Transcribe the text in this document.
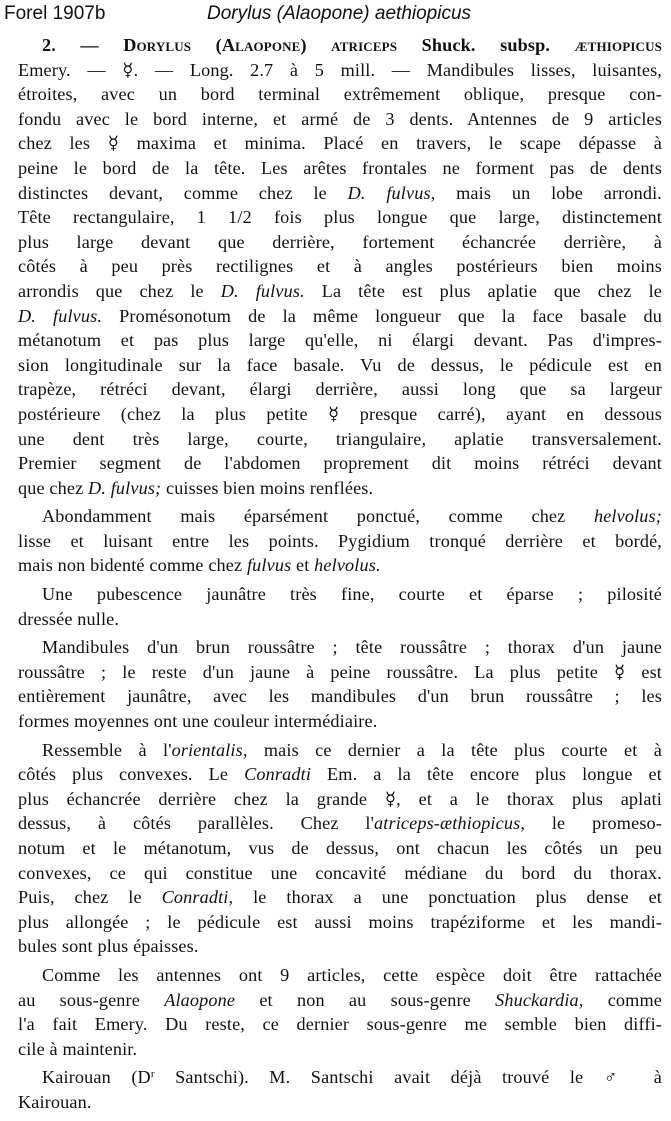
Forel 1907b	Dorylus (Alaopone) aethiopicus
2. — Dorylus (Alaopone) atriceps Shuck. subsp. æthiopicus
Emery. — ☿. — Long. 2.7 à 5 mill. — Mandibules lisses, luisantes,
étroites, avec un bord terminal extrêmement oblique, presque con-
fondu avec le bord interne, et armé de 3 dents. Antennes de 9 articles
chez les ☿ maxima et minima. Placé en travers, le scape dépasse à
peine le bord de la tête. Les arêtes frontales ne forment pas de dents
distinctes devant, comme chez le D. fulvus, mais un lobe arrondi.
Tête rectangulaire, 1 1/2 fois plus longue que large, distinctement
plus large devant que derrière, fortement échancrée derrière, à
côtés à peu près rectilignes et à angles postérieurs bien moins
arrondis que chez le D. fulvus. La tête est plus aplatie que chez le
D. fulvus. Promésonotum de la même longueur que la face basale du
métanotum et pas plus large qu'elle, ni élargi devant. Pas d'impres-
sion longitudinale sur la face basale. Vu de dessus, le pédicule est en
trapèze, rétréci devant, élargi derrière, aussi long que sa largeur
postérieure (chez la plus petite ☿ presque carré), ayant en dessous
une dent très large, courte, triangulaire, aplatie transversalement.
Premier segment de l'abdomen proprement dit moins rétréci devant
que chez D. fulvus; cuisses bien moins renflées.
Abondamment mais éparsément ponctué, comme chez helvolus;
lisse et luisant entre les points. Pygidium tronqué derrière et bordé,
mais non bidenté comme chez fulvus et helvolus.
Une pubescence jaunâtre très fine, courte et éparse ; pilosité
dressée nulle.
Mandibules d'un brun roussâtre ; tête roussâtre ; thorax d'un jaune
roussâtre ; le reste d'un jaune à peine roussâtre. La plus petite ☿ est
entièrement jaunâtre, avec les mandibules d'un brun roussâtre ; les
formes moyennes ont une couleur intermédiaire.
Ressemble à l'orientalis, mais ce dernier a la tête plus courte et à
côtés plus convexes. Le Conradti Em. a la tête encore plus longue et
plus échancrée derrière chez la grande ☿, et a le thorax plus aplati
dessus, à côtés parallèles. Chez l'atriceps-æthiopicus, le promeso-
notum et le métanotum, vus de dessus, ont chacun les côtés un peu
convexes, ce qui constitue une concavité médiane du bord du thorax.
Puis, chez le Conradti, le thorax a une ponctuation plus dense et
plus allongée ; le pédicule est aussi moins trapéziforme et les mandi-
bules sont plus épaisses.
Comme les antennes ont 9 articles, cette espèce doit être rattachée
au sous-genre Alaopone et non au sous-genre Shuckardia, comme
l'a fait Emery. Du reste, ce dernier sous-genre me semble bien diffi-
cile à maintenir.
Kairouan ($D^r$ Santschi). M. Santschi avait déjà trouvé le ♂ à
Kairouan.
